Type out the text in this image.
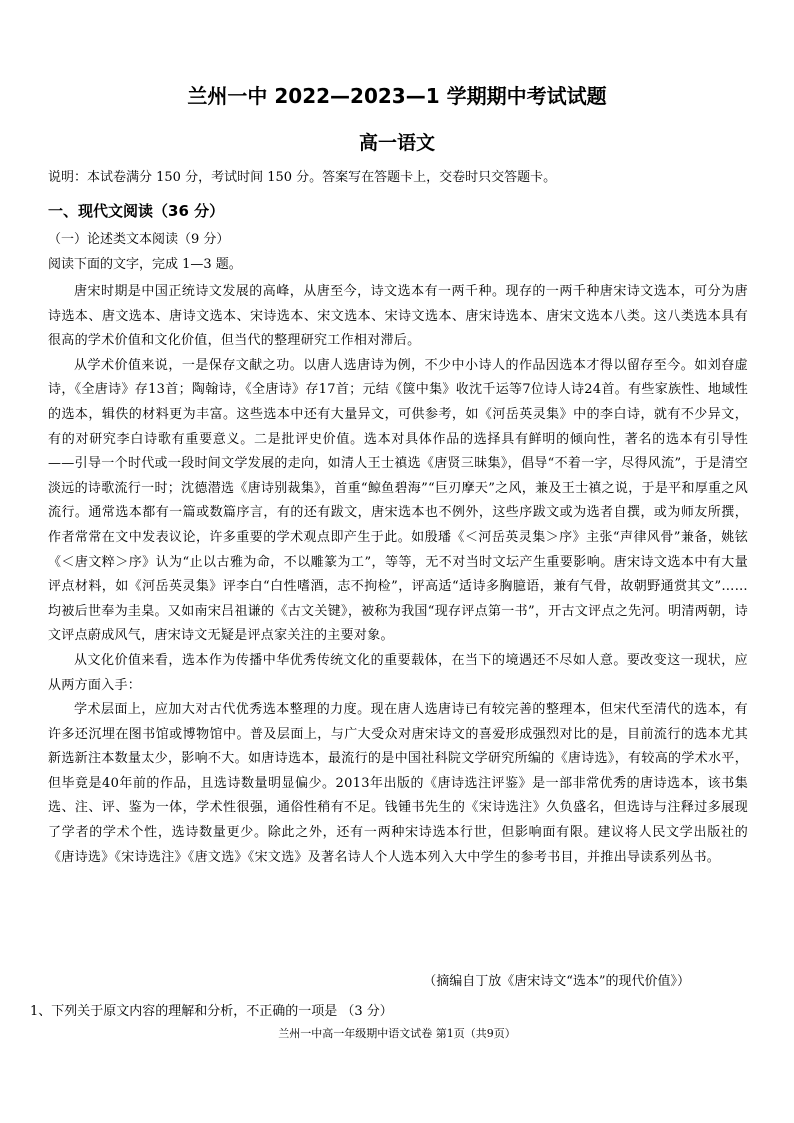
兰州一中 2022—2023—1 学期期中考试试题
高一语文
说明：本试卷满分 150 分，考试时间 150 分。答案写在答题卡上，交卷时只交答题卡。
一、现代文阅读（36 分）
（一）论述类文本阅读（9 分）
阅读下面的文字，完成 1—3 题。

唐宋时期是中国正统诗文发展的高峰，从唐至今，诗文选本有一两千种。现存的一两千种唐宋诗文选本，可分为唐诗选本、唐文选本、唐诗文选本、宋诗选本、宋文选本、宋诗文选本、唐宋诗选本、唐宋文选本八类。这八类选本具有很高的学术价值和文化价值，但当代的整理研究工作相对滞后。

从学术价值来说，一是保存文献之功。以唐人选唐诗为例，不少中小诗人的作品因选本才得以留存至今。如刘昚虚诗，《全唐诗》存13首；陶翰诗，《全唐诗》存17首；元结《箧中集》收沈千运等7位诗人诗24首。有些家族性、地域性的选本，辑佚的材料更为丰富。这些选本中还有大量异文，可供参考，如《河岳英灵集》中的李白诗，就有不少异文，有的对研究李白诗歌有重要意义。二是批评史价值。选本对具体作品的选择具有鲜明的倾向性，著名的选本有引导性——引导一个时代或一段时间文学发展的走向，如清人王士禛选《唐贤三昧集》，倡导“不着一字，尽得风流”，于是清空淡远的诗歌流行一时；沈德潜选《唐诗别裁集》，首重“鲸鱼碧海”“巨刃摩天”之风，兼及王士禛之说，于是平和厚重之风流行。通常选本都有一篇或数篇序言，有的还有跋文，唐宋选本也不例外，这些序跋文或为选者自撰，或为师友所撰，作者常常在文中发表议论，许多重要的学术观点即产生于此。如殷璠《＜河岳英灵集＞序》主张“声律风骨”兼备，姚铉《＜唐文粹＞序》认为“止以古雅为命，不以雕篆为工”，等等，无不对当时文坛产生重要影响。唐宋诗文选本中有大量评点材料，如《河岳英灵集》评李白“白性嗜酒，志不拘检”，评高适“适诗多胸臆语，兼有气骨，故朝野通赏其文”……均被后世奉为圭臬。又如南宋吕祖谦的《古文关键》，被称为我国“现存评点第一书”，开古文评点之先河。明清两朝，诗文评点蔚成风气，唐宋诗文无疑是评点家关注的主要对象。

从文化价值来看，选本作为传播中华优秀传统文化的重要载体，在当下的境遇还不尽如人意。要改变这一现状，应从两方面入手：

学术层面上，应加大对古代优秀选本整理的力度。现在唐人选唐诗已有较完善的整理本，但宋代至清代的选本，有许多还沉埋在图书馆或博物馆中。普及层面上，与广大受众对唐宋诗文的喜爱形成强烈对比的是，目前流行的选本尤其新选新注本数量太少，影响不大。如唐诗选本，最流行的是中国社科院文学研究所编的《唐诗选》，有较高的学术水平，但毕竟是40年前的作品，且选诗数量明显偏少。2013年出版的《唐诗选注评鉴》是一部非常优秀的唐诗选本，该书集选、注、评、鉴为一体，学术性很强，通俗性稍有不足。钱锺书先生的《宋诗选注》久负盛名，但选诗与注释过多展现了学者的学术个性，选诗数量更少。除此之外，还有一两种宋诗选本行世，但影响面有限。建议将人民文学出版社的《唐诗选》《宋诗选注》《唐文选》《宋文选》及著名诗人个人选本列入大中学生的参考书目，并推出导读系列丛书。

（摘编自丁放《唐宋诗文“选本”的现代价值》）
1、下列关于原文内容的理解和分析，不正确的一项是 （3 分）
兰州一中高一年级期中语文试卷 第1页（共9页）
